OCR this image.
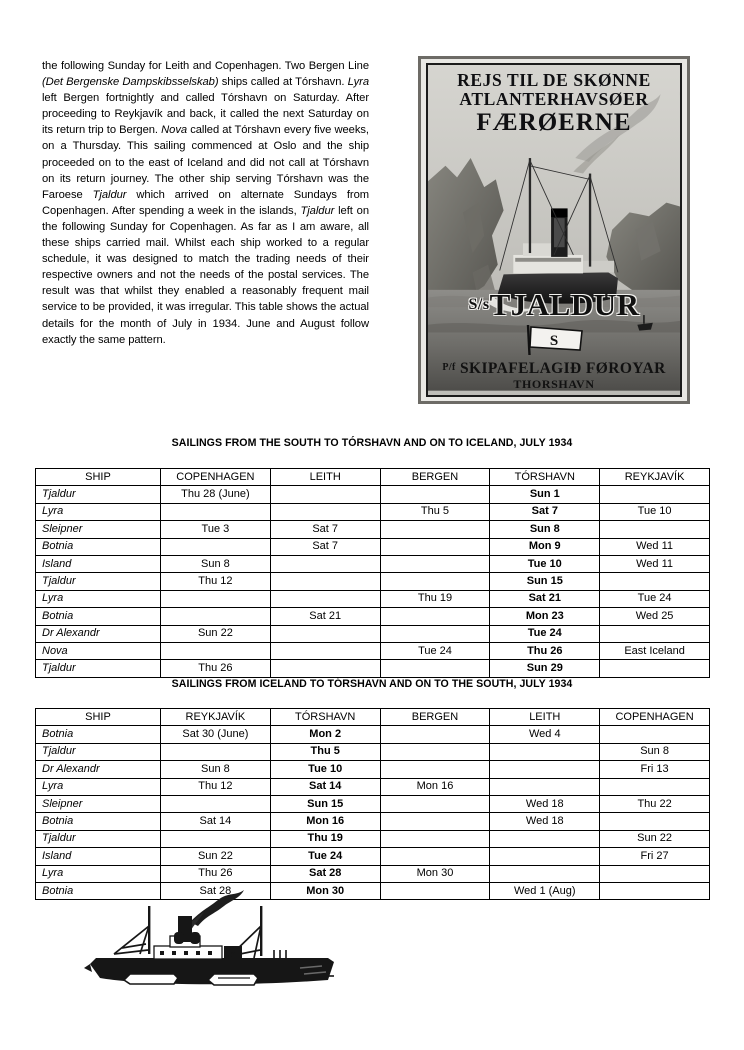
the following Sunday for Leith and Copenhagen. Two Bergen Line (Det Bergenske Dampskibsselskab) ships called at Tórshavn. Lyra left Bergen fortnightly and called Tórshavn on Saturday. After proceeding to Reykjavík and back, it called the next Saturday on its return trip to Bergen. Nova called at Tórshavn every five weeks, on a Thursday. This sailing commenced at Oslo and the ship proceeded on to the east of Iceland and did not call at Tórshavn on its return journey. The other ship serving Tórshavn was the Faroese Tjaldur which arrived on alternate Sundays from Copenhagen. After spending a week in the islands, Tjaldur left on the following Sunday for Copenhagen. As far as I am aware, all these ships carried mail. Whilst each ship worked to a regular schedule, it was designed to match the trading needs of their respective owners and not the needs of the postal services. The result was that whilst they enabled a reasonably frequent mail service to be provided, it was irregular. This table shows the actual details for the month of July in 1934. June and August follow exactly the same pattern.
REJS TIL DE SKØNNE
ATLANTERHAVSØER
FÆRØERNE
S/sTJALDUR
S
P/f SKIPAFELAGIÐ FØROYAR
THORSHAVN
SAILINGS FROM THE SOUTH TO TÓRSHAVN AND ON TO ICELAND, JULY 1934
SHIP	COPENHAGEN	LEITH	BERGEN	TÓRSHAVN	REYKJAVÍK
Tjaldur	Thu 28 (June)			Sun 1	
Lyra			Thu 5	Sat 7	Tue 10
Sleipner	Tue 3	Sat 7		Sun 8	
Botnia		Sat 7		Mon 9	Wed 11
Island	Sun 8			Tue 10	Wed 11
Tjaldur	Thu 12			Sun 15	
Lyra			Thu 19	Sat 21	Tue 24
Botnia		Sat 21		Mon 23	Wed 25
Dr Alexandr	Sun 22			Tue 24	
Nova			Tue 24	Thu 26	East Iceland
Tjaldur	Thu 26			Sun 29	
SAILINGS FROM ICELAND TO TÓRSHAVN AND ON TO THE SOUTH, JULY 1934
SHIP	REYKJAVÍK	TÓRSHAVN	BERGEN	LEITH	COPENHAGEN
Botnia	Sat 30 (June)	Mon 2		Wed 4	
Tjaldur		Thu 5			Sun 8
Dr Alexandr	Sun 8	Tue 10			Fri 13
Lyra	Thu 12	Sat 14	Mon 16		
Sleipner		Sun 15		Wed 18	Thu 22
Botnia	Sat 14	Mon 16		Wed 18	
Tjaldur		Thu 19			Sun 22
Island	Sun 22	Tue 24			Fri 27
Lyra	Thu 26	Sat 28	Mon 30		
Botnia	Sat 28	Mon 30		Wed 1 (Aug)	
